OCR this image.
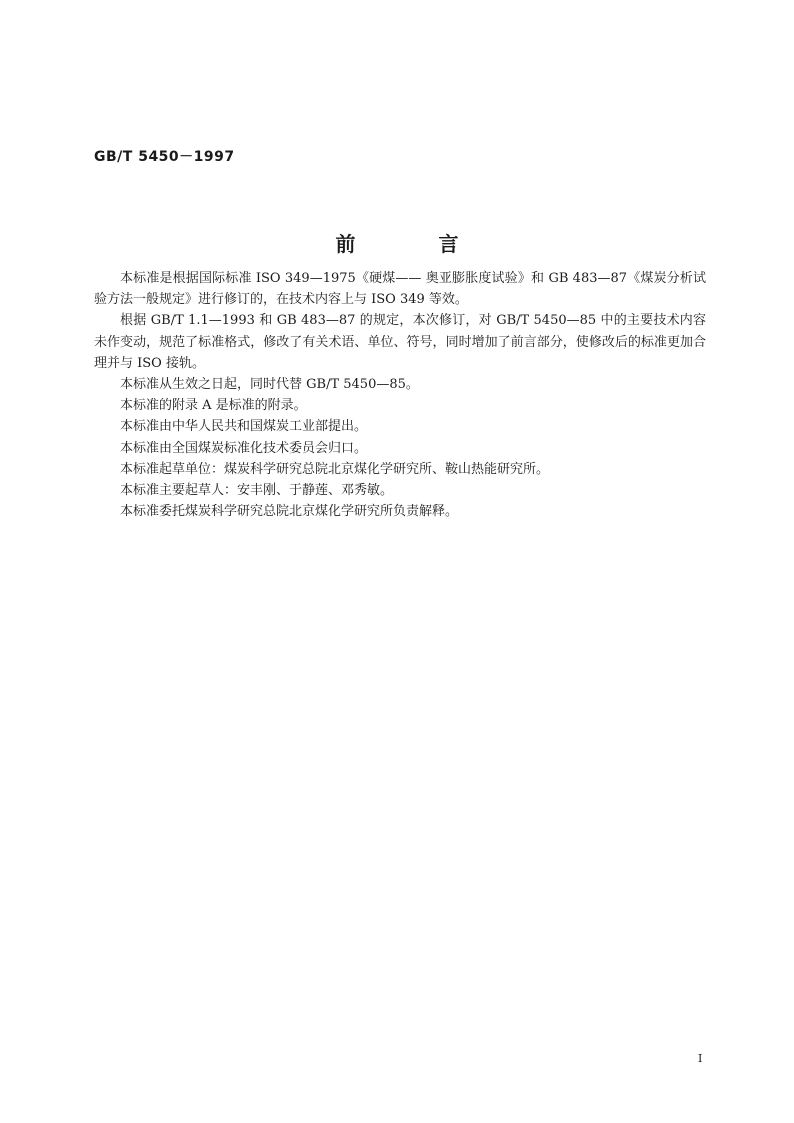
GB/T 5450－1997
前 言

本标准是根据国际标准 ISO 349—1975《硬煤—— 奥亚膨胀度试验》和 GB 483—87《煤炭分析试验方法一般规定》进行修订的，在技术内容上与 ISO 349 等效。

根据 GB/T 1.1—1993 和 GB 483—87 的规定，本次修订，对 GB/T 5450—85 中的主要技术内容未作变动，规范了标准格式，修改了有关术语、单位、符号，同时增加了前言部分，使修改后的标准更加合理并与 ISO 接轨。

本标准从生效之日起，同时代替 GB/T 5450—85。

本标准的附录 A 是标准的附录。

本标准由中华人民共和国煤炭工业部提出。

本标准由全国煤炭标准化技术委员会归口。

本标准起草单位：煤炭科学研究总院北京煤化学研究所、鞍山热能研究所。

本标准主要起草人：安丰刚、于静莲、邓秀敏。

本标准委托煤炭科学研究总院北京煤化学研究所负责解释。

I
